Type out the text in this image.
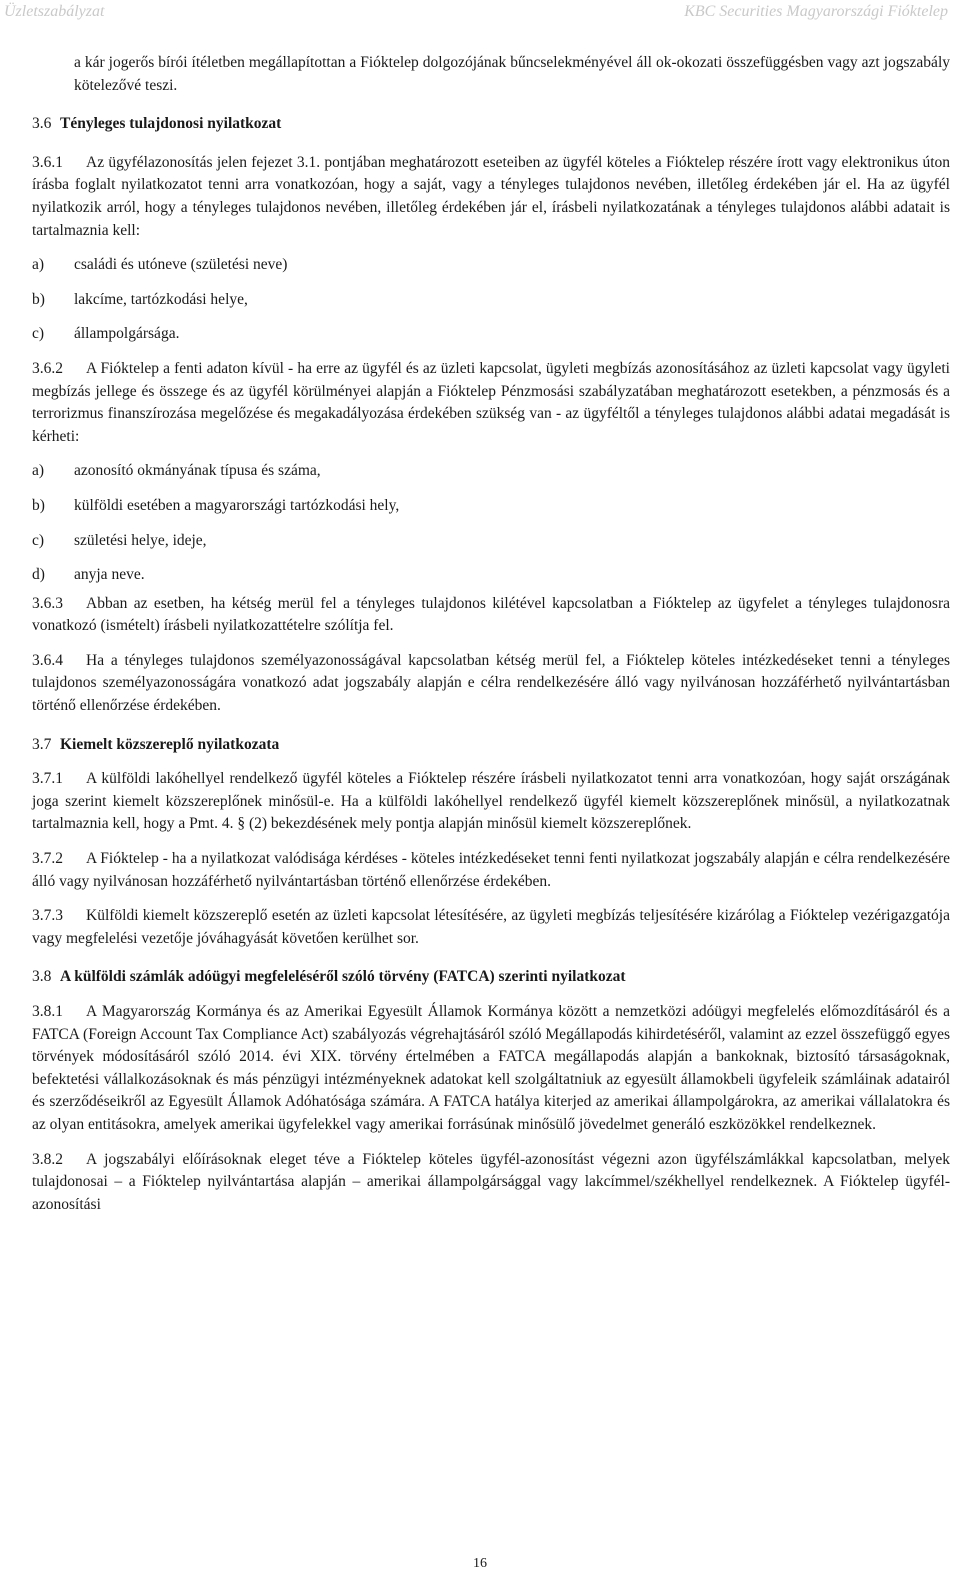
Üzletszabályzat	KBC Securities Magyarországi Fióktelep

a kár jogerős bírói ítéletben megállapítottan a Fióktelep dolgozójának bűncselekményével áll ok-okozati összefüggésben vagy azt jogszabály kötelezővé teszi.

3.6 Tényleges tulajdonosi nyilatkozat

3.6.1 Az ügyfélazonosítás jelen fejezet 3.1. pontjában meghatározott eseteiben az ügyfél köteles a Fióktelep részére írott vagy elektronikus úton írásba foglalt nyilatkozatot tenni arra vonatkozóan, hogy a saját, vagy a tényleges tulajdonos nevében, illetőleg érdekében jár el. Ha az ügyfél nyilatkozik arról, hogy a tényleges tulajdonos nevében, illetőleg érdekében jár el, írásbeli nyilatkozatának a tényleges tulajdonos alábbi adatait is tartalmaznia kell:

a)	családi és utóneve (születési neve)
b)	lakcíme, tartózkodási helye,
c)	állampolgársága.

3.6.2 A Fióktelep a fenti adaton kívül - ha erre az ügyfél és az üzleti kapcsolat, ügyleti megbízás azonosításához az üzleti kapcsolat vagy ügyleti megbízás jellege és összege és az ügyfél körülményei alapján a Fióktelep Pénzmosási szabályzatában meghatározott esetekben, a pénzmosás és a terrorizmus finanszírozása megelőzése és megakadályozása érdekében szükség van - az ügyféltől a tényleges tulajdonos alábbi adatai megadását is kérheti:

a)	azonosító okmányának típusa és száma,
b)	külföldi esetében a magyarországi tartózkodási hely,
c)	születési helye, ideje,
d)	anyja neve.

3.6.3 Abban az esetben, ha kétség merül fel a tényleges tulajdonos kilétével kapcsolatban a Fióktelep az ügyfelet a tényleges tulajdonosra vonatkozó (ismételt) írásbeli nyilatkozattételre szólítja fel.

3.6.4 Ha a tényleges tulajdonos személyazonosságával kapcsolatban kétség merül fel, a Fióktelep köteles intézkedéseket tenni a tényleges tulajdonos személyazonosságára vonatkozó adat jogszabály alapján e célra rendelkezésére álló vagy nyilvánosan hozzáférhető nyilvántartásban történő ellenőrzése érdekében.

3.7 Kiemelt közszereplő nyilatkozata

3.7.1 A külföldi lakóhellyel rendelkező ügyfél köteles a Fióktelep részére írásbeli nyilatkozatot tenni arra vonatkozóan, hogy saját országának joga szerint kiemelt közszereplőnek minősül-e. Ha a külföldi lakóhellyel rendelkező ügyfél kiemelt közszereplőnek minősül, a nyilatkozatnak tartalmaznia kell, hogy a Pmt. 4. § (2) bekezdésének mely pontja alapján minősül kiemelt közszereplőnek.

3.7.2 A Fióktelep - ha a nyilatkozat valódisága kérdéses - köteles intézkedéseket tenni fenti nyilatkozat jogszabály alapján e célra rendelkezésére álló vagy nyilvánosan hozzáférhető nyilvántartásban történő ellenőrzése érdekében.

3.7.3 Külföldi kiemelt közszereplő esetén az üzleti kapcsolat létesítésére, az ügyleti megbízás teljesítésére kizárólag a Fióktelep vezérigazgatója vagy megfelelési vezetője jóváhagyását követően kerülhet sor.

3.8 A külföldi számlák adóügyi megfeleléséről szóló törvény (FATCA) szerinti nyilatkozat

3.8.1 A Magyarország Kormánya és az Amerikai Egyesült Államok Kormánya között a nemzetközi adóügyi megfelelés előmozdításáról és a FATCA (Foreign Account Tax Compliance Act) szabályozás végrehajtásáról szóló Megállapodás kihirdetéséről, valamint az ezzel összefüggő egyes törvények módosításáról szóló 2014. évi XIX. törvény értelmében a FATCA megállapodás alapján a bankoknak, biztosító társaságoknak, befektetési vállalkozásoknak és más pénzügyi intézményeknek adatokat kell szolgáltatniuk az egyesült államokbeli ügyfeleik számláinak adatairól és szerződéseikről az Egyesült Államok Adóhatósága számára. A FATCA hatálya kiterjed az amerikai állampolgárokra, az amerikai vállalatokra és az olyan entitásokra, amelyek amerikai ügyfelekkel vagy amerikai forrásúnak minősülő jövedelmet generáló eszközökkel rendelkeznek.

3.8.2 A jogszabályi előírásoknak eleget téve a Fióktelep köteles ügyfél-azonosítást végezni azon ügyfélszámlákkal kapcsolatban, melyek tulajdonosai – a Fióktelep nyilvántartása alapján – amerikai állampolgársággal vagy lakcímmel/székhellyel rendelkeznek. A Fióktelep ügyfél-azonosítási

16
